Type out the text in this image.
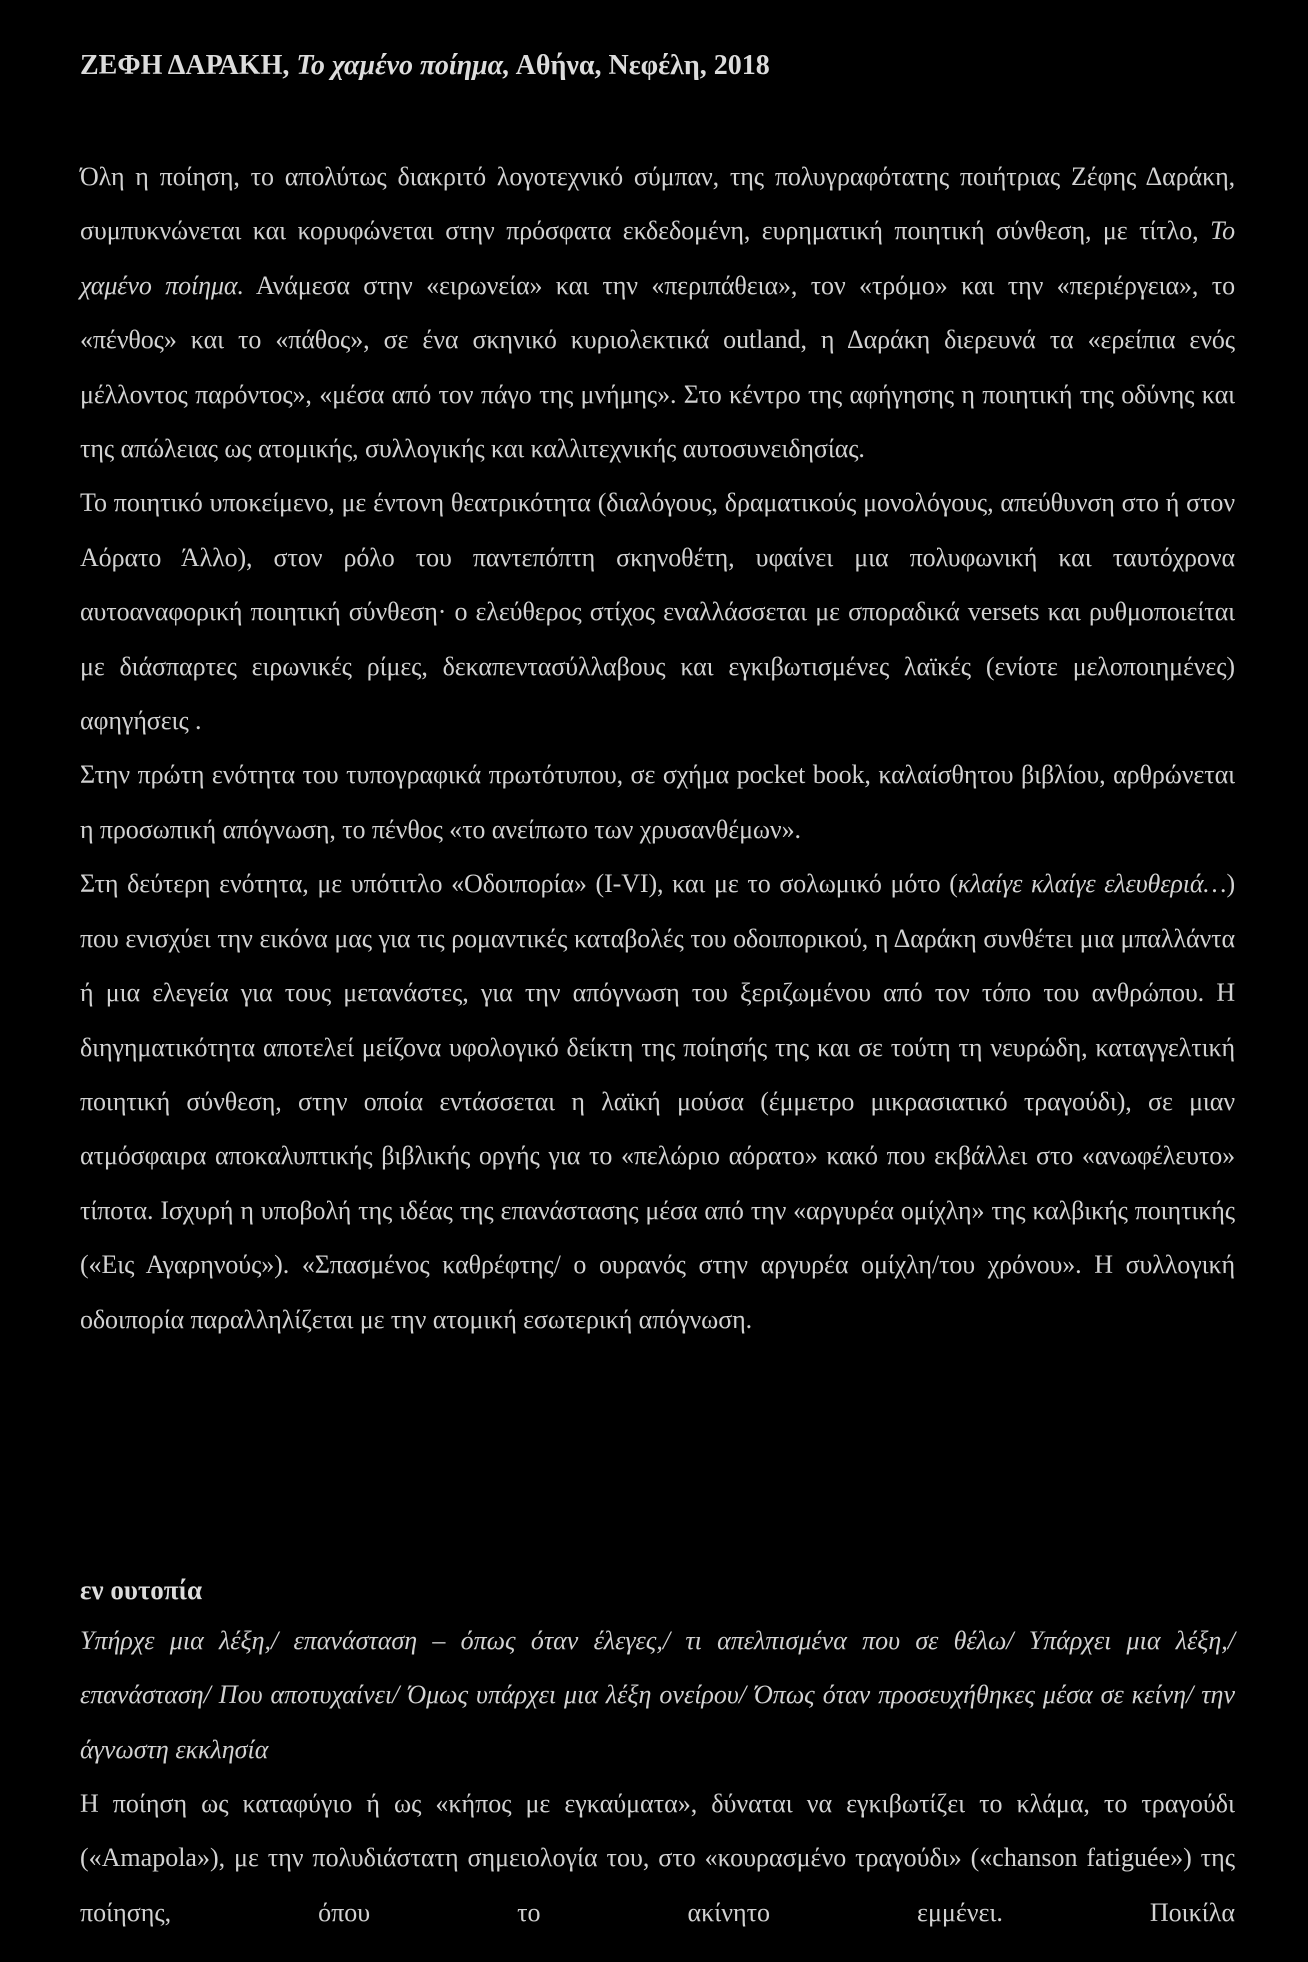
ΖΕΦΗ ΔΑΡΑΚΗ, Το χαμένο ποίημα, Αθήνα, Νεφέλη, 2018

Όλη η ποίηση, το απολύτως διακριτό λογοτεχνικό σύμπαν, της πολυγραφότατης ποιήτριας Ζέφης Δαράκη, συμπυκνώνεται και κορυφώνεται στην πρόσφατα εκδεδομένη, ευρηματική ποιητική σύνθεση, με τίτλο, Το χαμένο ποίημα. Ανάμεσα στην «ειρωνεία» και την «περιπάθεια», τον «τρόμο» και την «περιέργεια», το «πένθος» και το «πάθος», σε ένα σκηνικό κυριολεκτικά outland, η Δαράκη διερευνά τα «ερείπια ενός μέλλοντος παρόντος», «μέσα από τον πάγο της μνήμης». Στο κέντρο της αφήγησης η ποιητική της οδύνης και της απώλειας ως ατομικής, συλλογικής και καλλιτεχνικής αυτοσυνειδησίας.

Το ποιητικό υποκείμενο, με έντονη θεατρικότητα (διαλόγους, δραματικούς μονολόγους, απεύθυνση στο ή στον Αόρατο Άλλο), στον ρόλο του παντεπόπτη σκηνοθέτη, υφαίνει μια πολυφωνική και ταυτόχρονα αυτοαναφορική ποιητική σύνθεση· ο ελεύθερος στίχος εναλλάσσεται με σποραδικά versets και ρυθμοποιείται με διάσπαρτες ειρωνικές ρίμες, δεκαπεντασύλλαβους και εγκιβωτισμένες λαϊκές (ενίοτε μελοποιημένες) αφηγήσεις .

Στην πρώτη ενότητα του τυπογραφικά πρωτότυπου, σε σχήμα pocket book, καλαίσθητου βιβλίου, αρθρώνεται η προσωπική απόγνωση, το πένθος «το ανείπωτο των χρυσανθέμων».

Στη δεύτερη ενότητα, με υπότιτλο «Οδοιπορία» (I-VI), και με το σολωμικό μότο (κλαίγε κλαίγε ελευθεριά…) που ενισχύει την εικόνα μας για τις ρομαντικές καταβολές του οδοιπορικού, η Δαράκη συνθέτει μια μπαλλάντα ή μια ελεγεία για τους μετανάστες, για την απόγνωση του ξεριζωμένου από τον τόπο του ανθρώπου. Η διηγηματικότητα αποτελεί μείζονα υφολογικό δείκτη της ποίησής της και σε τούτη τη νευρώδη, καταγγελτική ποιητική σύνθεση, στην οποία εντάσσεται η λαϊκή μούσα (έμμετρο μικρασιατικό τραγούδι), σε μιαν ατμόσφαιρα αποκαλυπτικής βιβλικής οργής για το «πελώριο αόρατο» κακό που εκβάλλει στο «ανωφέλευτο» τίποτα. Ισχυρή η υποβολή της ιδέας της επανάστασης μέσα από την «αργυρέα ομίχλη» της καλβικής ποιητικής («Εις Αγαρηνούς»). «Σπασμένος καθρέφτης/ ο ουρανός στην αργυρέα ομίχλη/του χρόνου». Η συλλογική οδοιπορία παραλληλίζεται με την ατομική εσωτερική απόγνωση.

εν ουτοπία
Υπήρχε μια λέξη,/ επανάσταση – όπως όταν έλεγες,/ τι απελπισμένα που σε θέλω/ Υπάρχει μια λέξη,/ επανάσταση/ Που αποτυχαίνει/ Όμως υπάρχει μια λέξη ονείρου/ Όπως όταν προσευχήθηκες μέσα σε κείνη/ την άγνωστη εκκλησία
Η ποίηση ως καταφύγιο ή ως «κήπος με εγκαύματα», δύναται να εγκιβωτίζει το κλάμα, το τραγούδι («Amapola»), με την πολυδιάστατη σημειολογία του, στο «κουρασμένο τραγούδι» («chanson fatiguée») της ποίησης, όπου το ακίνητο εμμένει. Ποικίλα
